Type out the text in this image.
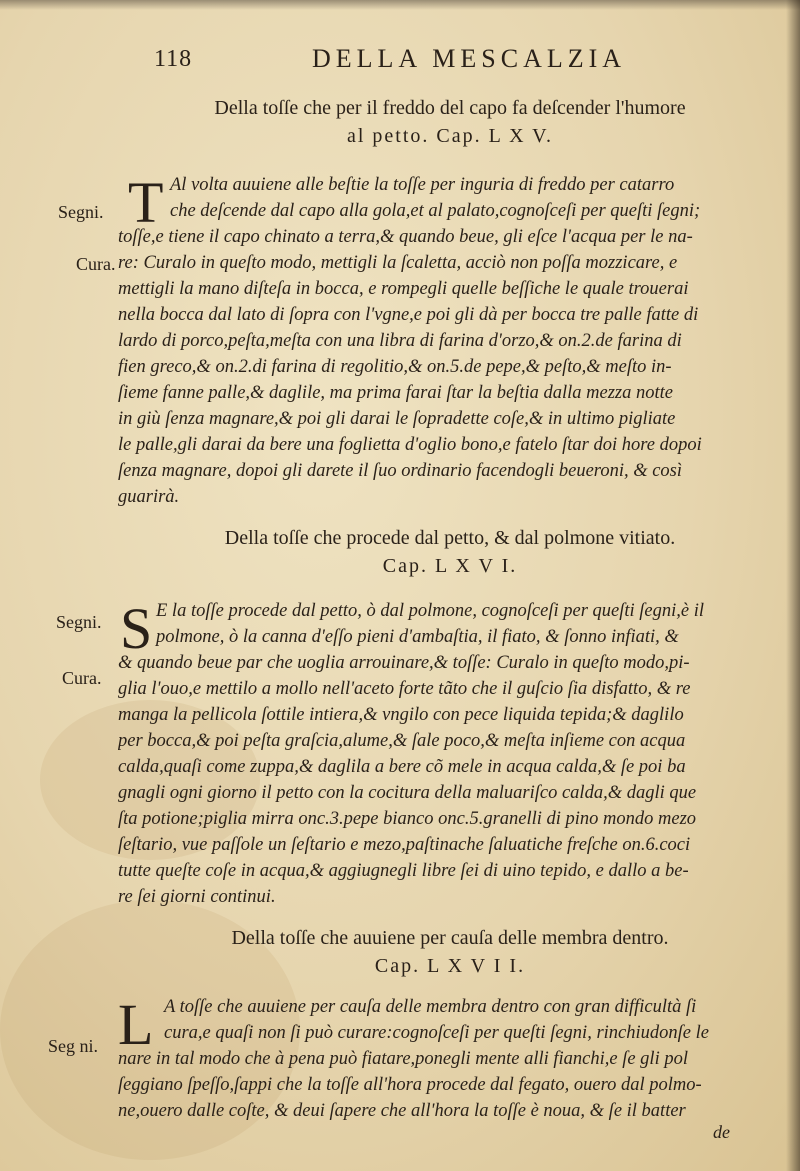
118	DELLA MESCALZIA
Della toſſe che per il freddo del capo fa deſcender l'humore
al petto. Cap. L X V.
Segni.
Cura.
T Al volta auuiene alle beſtie la toſſe per inguria di freddo per catarro
che deſcende dal capo alla gola,et al palato,cognoſceſi per queſti ſegni;
toſſe,e tiene il capo chinato a terra,& quando beue, gli eſce l'acqua per le na-
re: Curalo in queſto modo, mettigli la ſcaletta, acciò non poſſa mozzicare, e
mettigli la mano diſteſa in bocca, e rompegli quelle beſſiche le quale trouerai
nella bocca dal lato di ſopra con l'vgne,e poi gli dà per bocca tre palle fatte di
lardo di porco,peſta,meſta con una libra di farina d'orzo,& on.2.de farina di
fien greco,& on.2.di farina di regolitio,& on.5.de pepe,& peſto,& meſto in-
ſieme fanne palle,& daglile, ma prima farai ſtar la beſtia dalla mezza notte
in giù ſenza magnare,& poi gli darai le ſopradette coſe,& in ultimo pigliate
le palle,gli darai da bere una foglietta d'oglio bono,e fatelo ſtar doi hore dopoi
ſenza magnare, dopoi gli darete il ſuo ordinario facendogli beueroni, & così
guarirà.
Della toſſe che procede dal petto, & dal polmone vitiato.
Cap. L X V I.
Segni.
Cura.
S E la toſſe procede dal petto, ò dal polmone, cognoſceſi per queſti ſegni,è il
polmone, ò la canna d'eſſo pieni d'ambaſtia, il fiato, & ſonno infiati, &
& quando beue par che uoglia arrouinare,& toſſe: Curalo in queſto modo,pi-
glia l'ouo,e mettilo a mollo nell'aceto forte tãto che il guſcio ſia disfatto, & re
manga la pellicola ſottile intiera,& vngilo con pece liquida tepida;& daglilo
per bocca,& poi peſta graſcia,alume,& ſale poco,& meſta inſieme con acqua
calda,quaſi come zuppa,& daglila a bere cõ mele in acqua calda,& ſe poi ba
gnagli ogni giorno il petto con la cocitura della maluariſco calda,& dagli que
ſta potione;piglia mirra onc.3.pepe bianco onc.5.granelli di pino mondo mezo
ſeſtario, vue paſſole un ſeſtario e mezo,paſtinache ſaluatiche freſche on.6.coci
tutte queſte coſe in acqua,& aggiugnegli libre ſei di uino tepido, e dallo a be-
re ſei giorni continui.
Della toſſe che auuiene per cauſa delle membra dentro.
Cap. L X V I I.
Seg ni. L A toſſe che auuiene per cauſa delle membra dentro con gran difficultà ſi
cura,e quaſi non ſi può curare:cognoſceſi per queſti ſegni, rinchiudonſe le
nare in tal modo che à pena può fiatare,ponegli mente alli fianchi,e ſe gli pol
ſeggiano ſpeſſo,ſappi che la toſſe all'hora procede dal fegato, ouero dal polmo-
ne,ouero dalle coſte, & deui ſapere che all'hora la toſſe è noua, & ſe il batter
de
